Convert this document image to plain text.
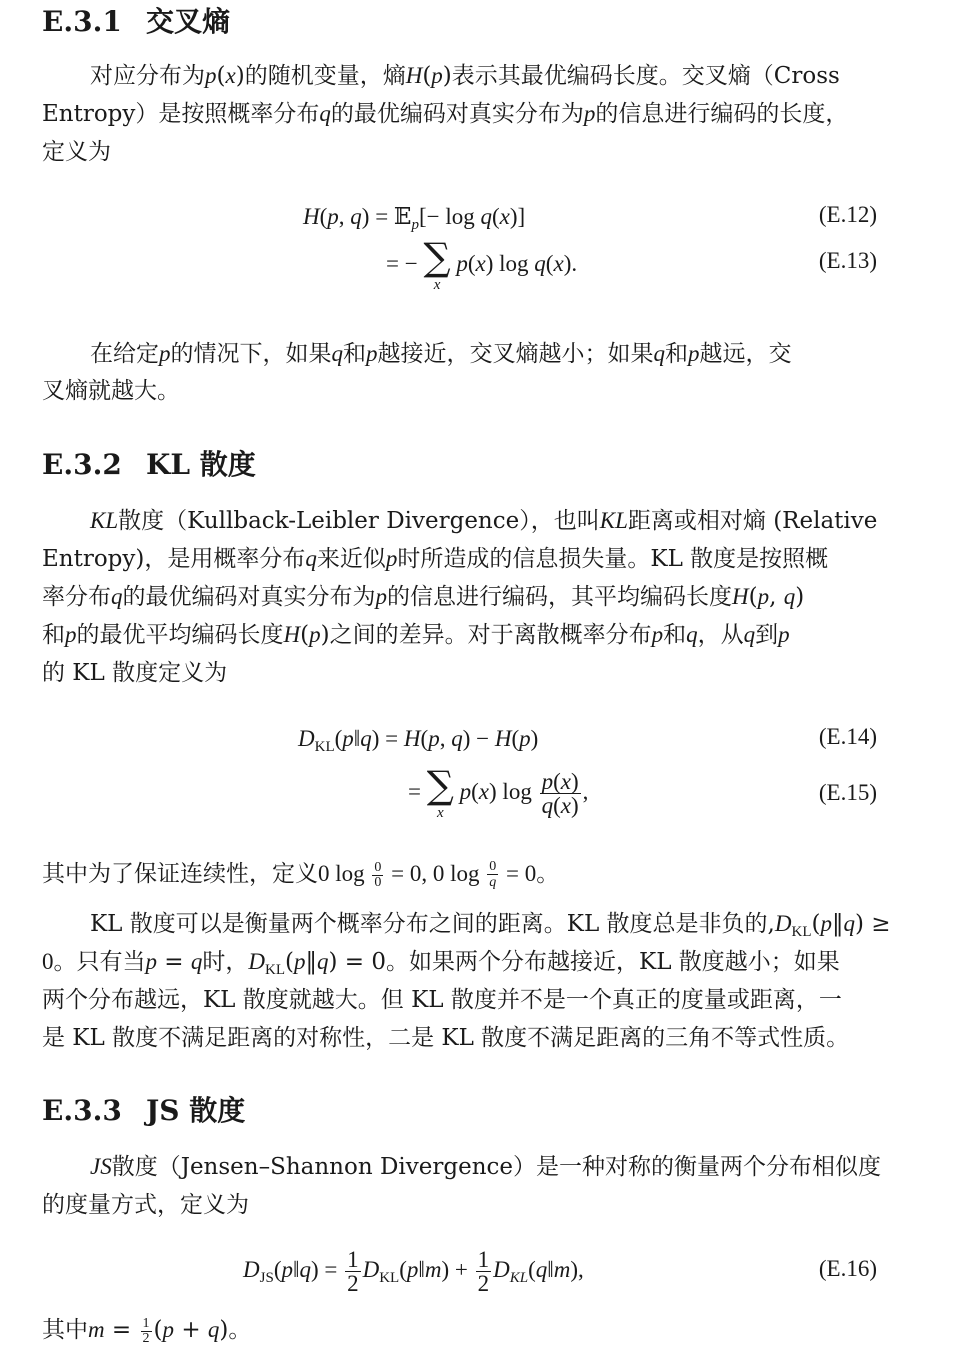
E.3.1 交叉熵
对应分布为p(x)的随机变量，熵H(p)表示其最优编码长度。交叉熵（Cross
Entropy）是按照概率分布q的最优编码对真实分布为p的信息进行编码的长度，
定义为
H(p, q) = 𝔼$_p$[− log q(x)]	(E.12)
= − ∑
x
p(x) log q(x).	(E.13)
在给定p的情况下，如果q和p越接近，交叉熵越小；如果q和p越远，交
叉熵就越大。
E.3.2 KL 散度
KL散度（Kullback-Leibler Divergence），也叫KL距离或相对熵 (Relative
Entropy)，是用概率分布q来近似p时所造成的信息损失量。KL 散度是按照概
率分布q的最优编码对真实分布为p的信息进行编码，其平均编码长度H(p, q)
和p的最优平均编码长度H(p)之间的差异。对于离散概率分布p和q，从q到p
的 KL 散度定义为
$D_{KL}(p‖q) = H(p$, q) − H(p)	(E.14)
= ∑
x
p(x) $\log \frac{p(x)}{q(x)}$ ,	(E.15)
其中为了保证连续性，定义0 $\log \frac{0}{0} = 0$, 0 $\log \frac{0}{q} = 0$。
KL 散度可以是衡量两个概率分布之间的距离。KL 散度总是非负的$,D_{KL}(p‖q)$ ≥
0。只有当p = q时，$D_{KL}(p‖q) = 0$。如果两个分布越接近，KL 散度越小；如果
两个分布越远，KL 散度就越大。但 KL 散度并不是一个真正的度量或距离，一
是 KL 散度不满足距离的对称性，二是 KL 散度不满足距离的三角不等式性质。
E.3.3 JS 散度
JS散度（Jensen–Shannon Divergence）是一种对称的衡量两个分布相似度
的度量方式，定义为
$D_{JS}(p‖q) = \frac{1}{2}$ $D_{KL}(p‖m) + \frac{1}{2}$ $D_{KL}(q‖m)$,	(E.16)
其中$m = \frac{1}{2} (p + q)$。
